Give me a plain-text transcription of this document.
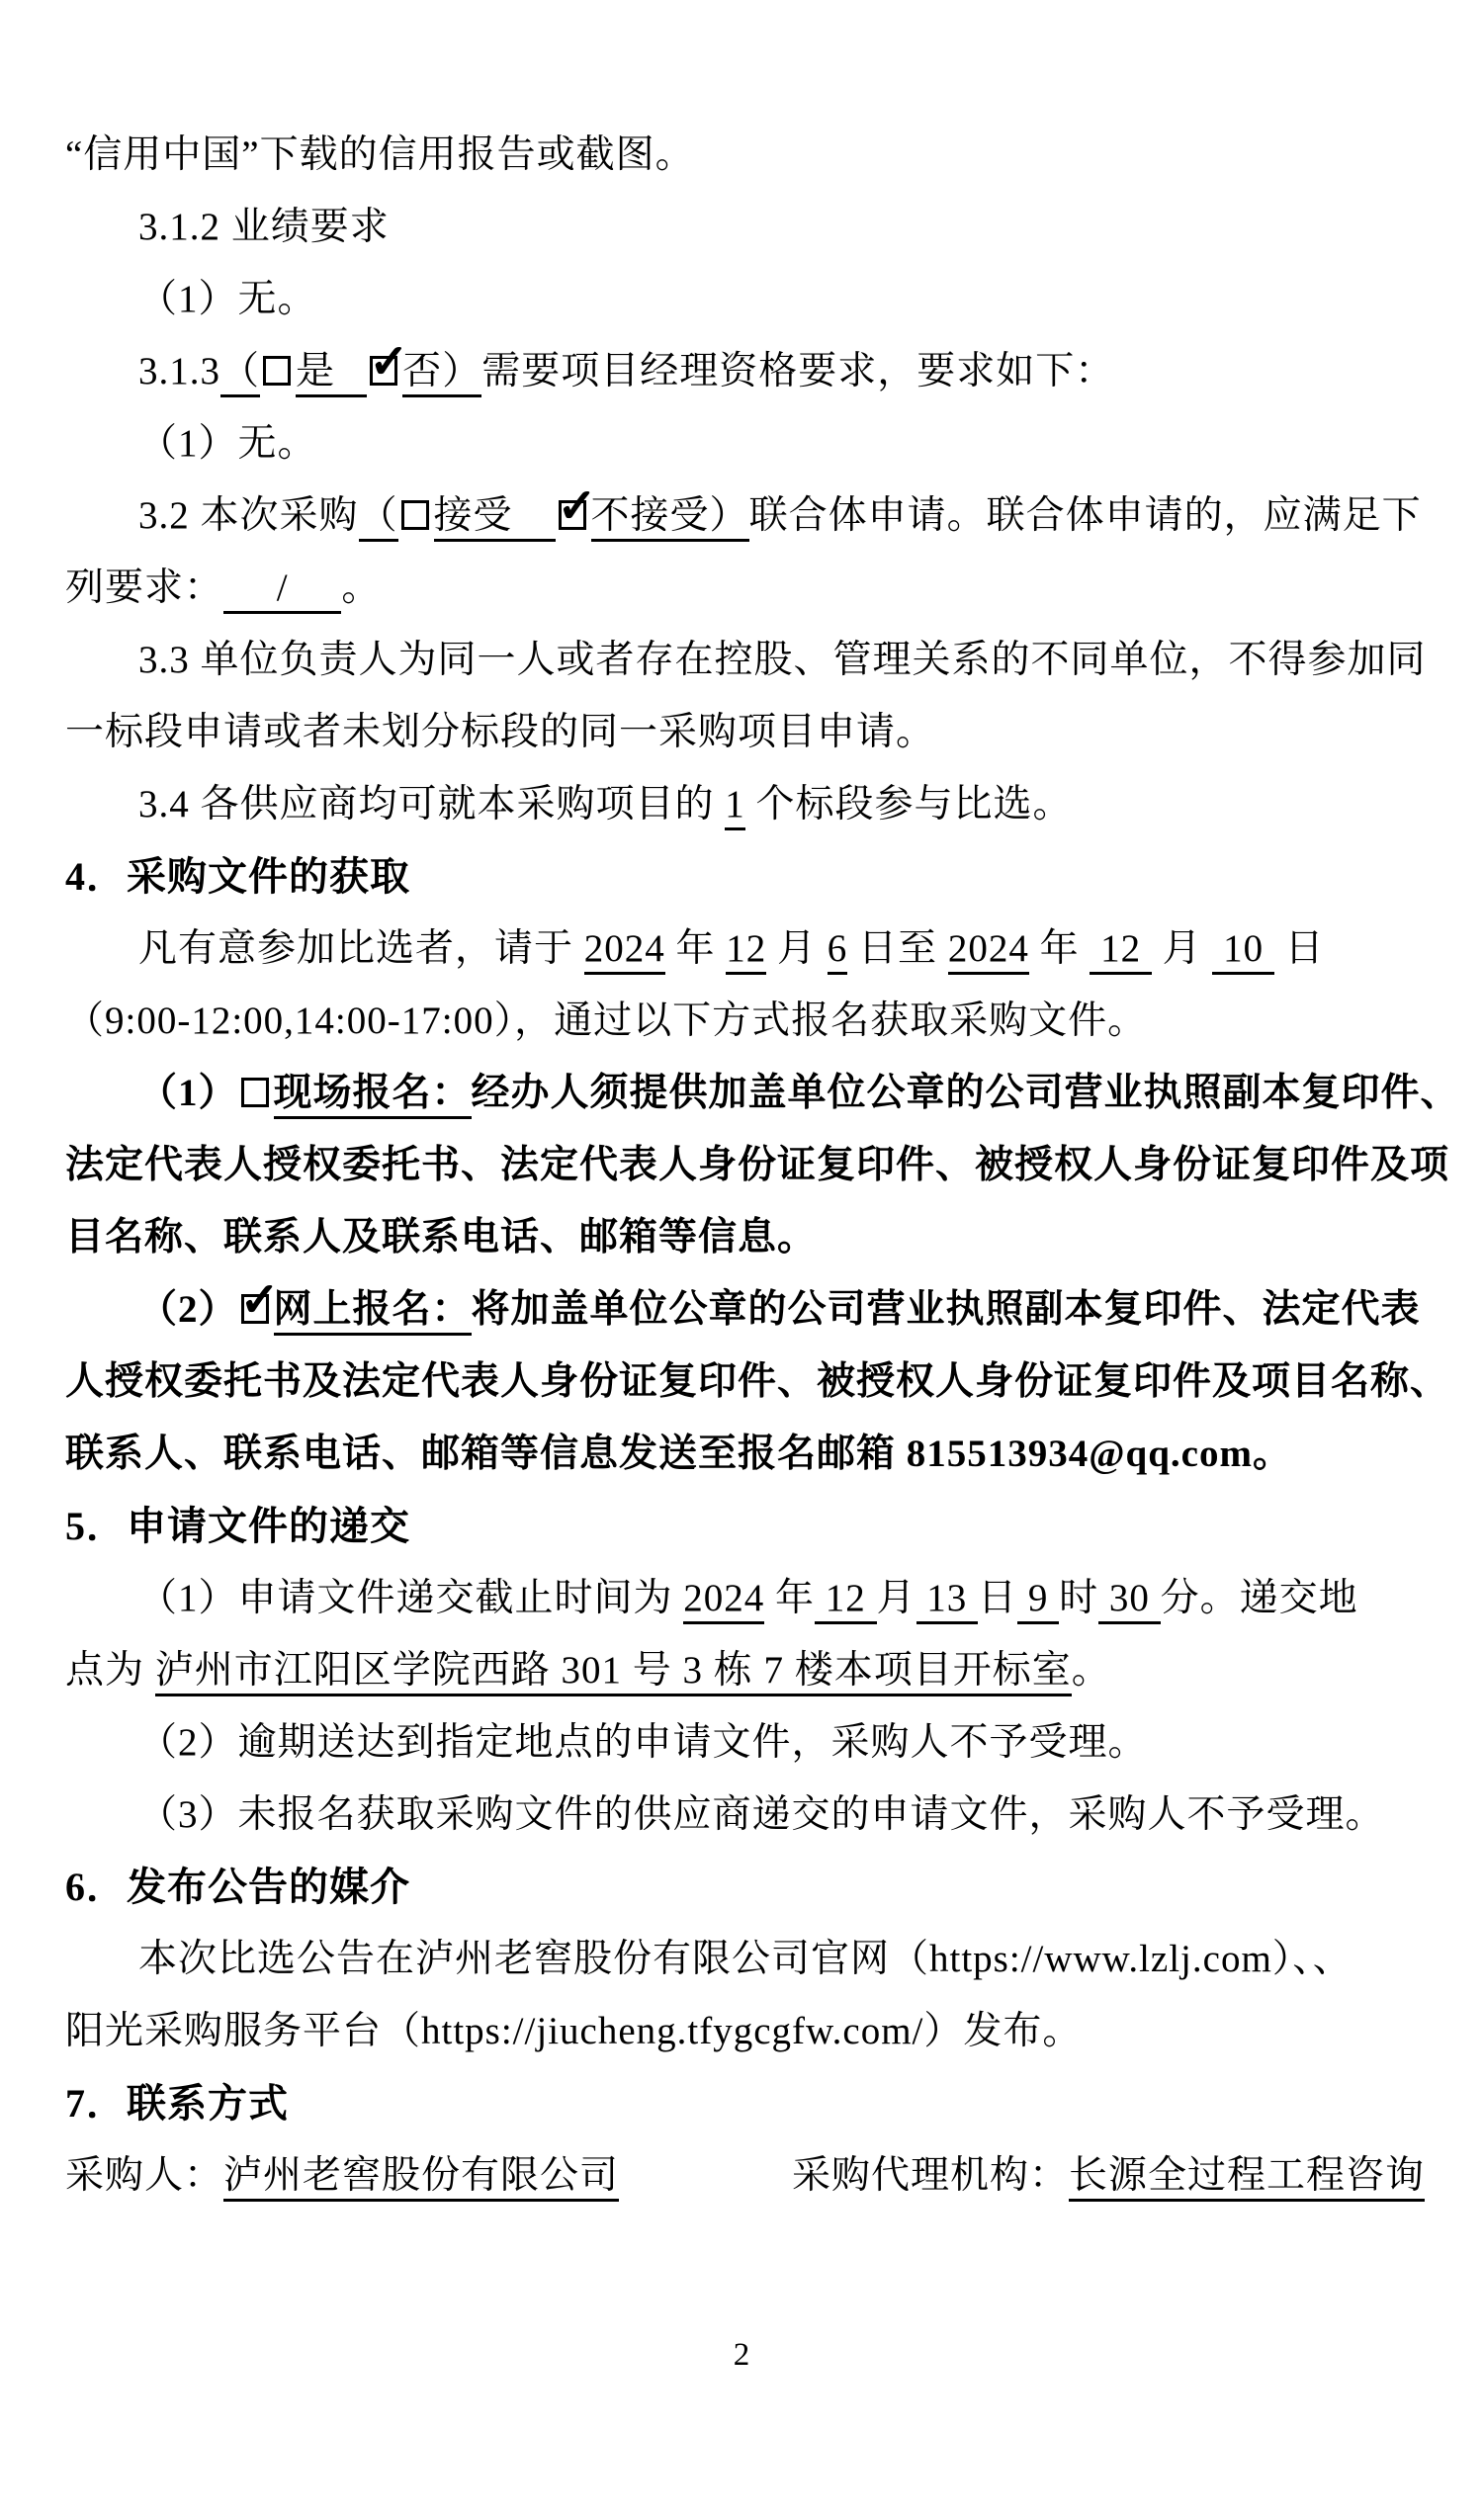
“信用中国”下载的信用报告或截图。
3.1.2 业绩要求
（1）无。
3.1.3（ 是    ✓否）需要项目经理资格要求，要求如下：
（1）无。
3.2 本次采购（ 接受     ✓不接受）联合体申请。联合体申请的，应满足下
列要求：     /     。
3.3 单位负责人为同一人或者存在控股、管理关系的不同单位，不得参加同
一标段申请或者未划分标段的同一采购项目申请。
3.4 各供应商均可就本采购项目的 1 个标段参与比选。
4．采购文件的获取
凡有意参加比选者，请于 2024 年 12 月 6 日至 2024 年  12  月  10  日
（9:00-12:00,14:00-17:00），通过以下方式报名获取采购文件。
（1） 现场报名：经办人须提供加盖单位公章的公司营业执照副本复印件、
法定代表人授权委托书、法定代表人身份证复印件、被授权人身份证复印件及项
目名称、联系人及联系电话、邮箱等信息。
（2） ✓ 网上报名：将加盖单位公章的公司营业执照副本复印件、法定代表
人授权委托书及法定代表人身份证复印件、被授权人身份证复印件及项目名称、
联系人、联系电话、邮箱等信息发送至报名邮箱 815513934@qq.com。
5．申请文件的递交
（1）申请文件递交截止时间为 2024 年 12 月 13 日 9 时 30 分。递交地
点为 泸州市江阳区学院西路 301 号 3 栋 7 楼本项目开标室。
（2）逾期送达到指定地点的申请文件，采购人不予受理。
（3）未报名获取采购文件的供应商递交的申请文件，采购人不予受理。
6．发布公告的媒介
本次比选公告在泸州老窖股份有限公司官网（https://www.lzlj.com）、、
阳光采购服务平台（https://jiucheng.tfygcgfw.com/）发布。
7．联系方式
采购人：泸州老窖股份有限公司	采购代理机构：长源全过程工程咨询
2
